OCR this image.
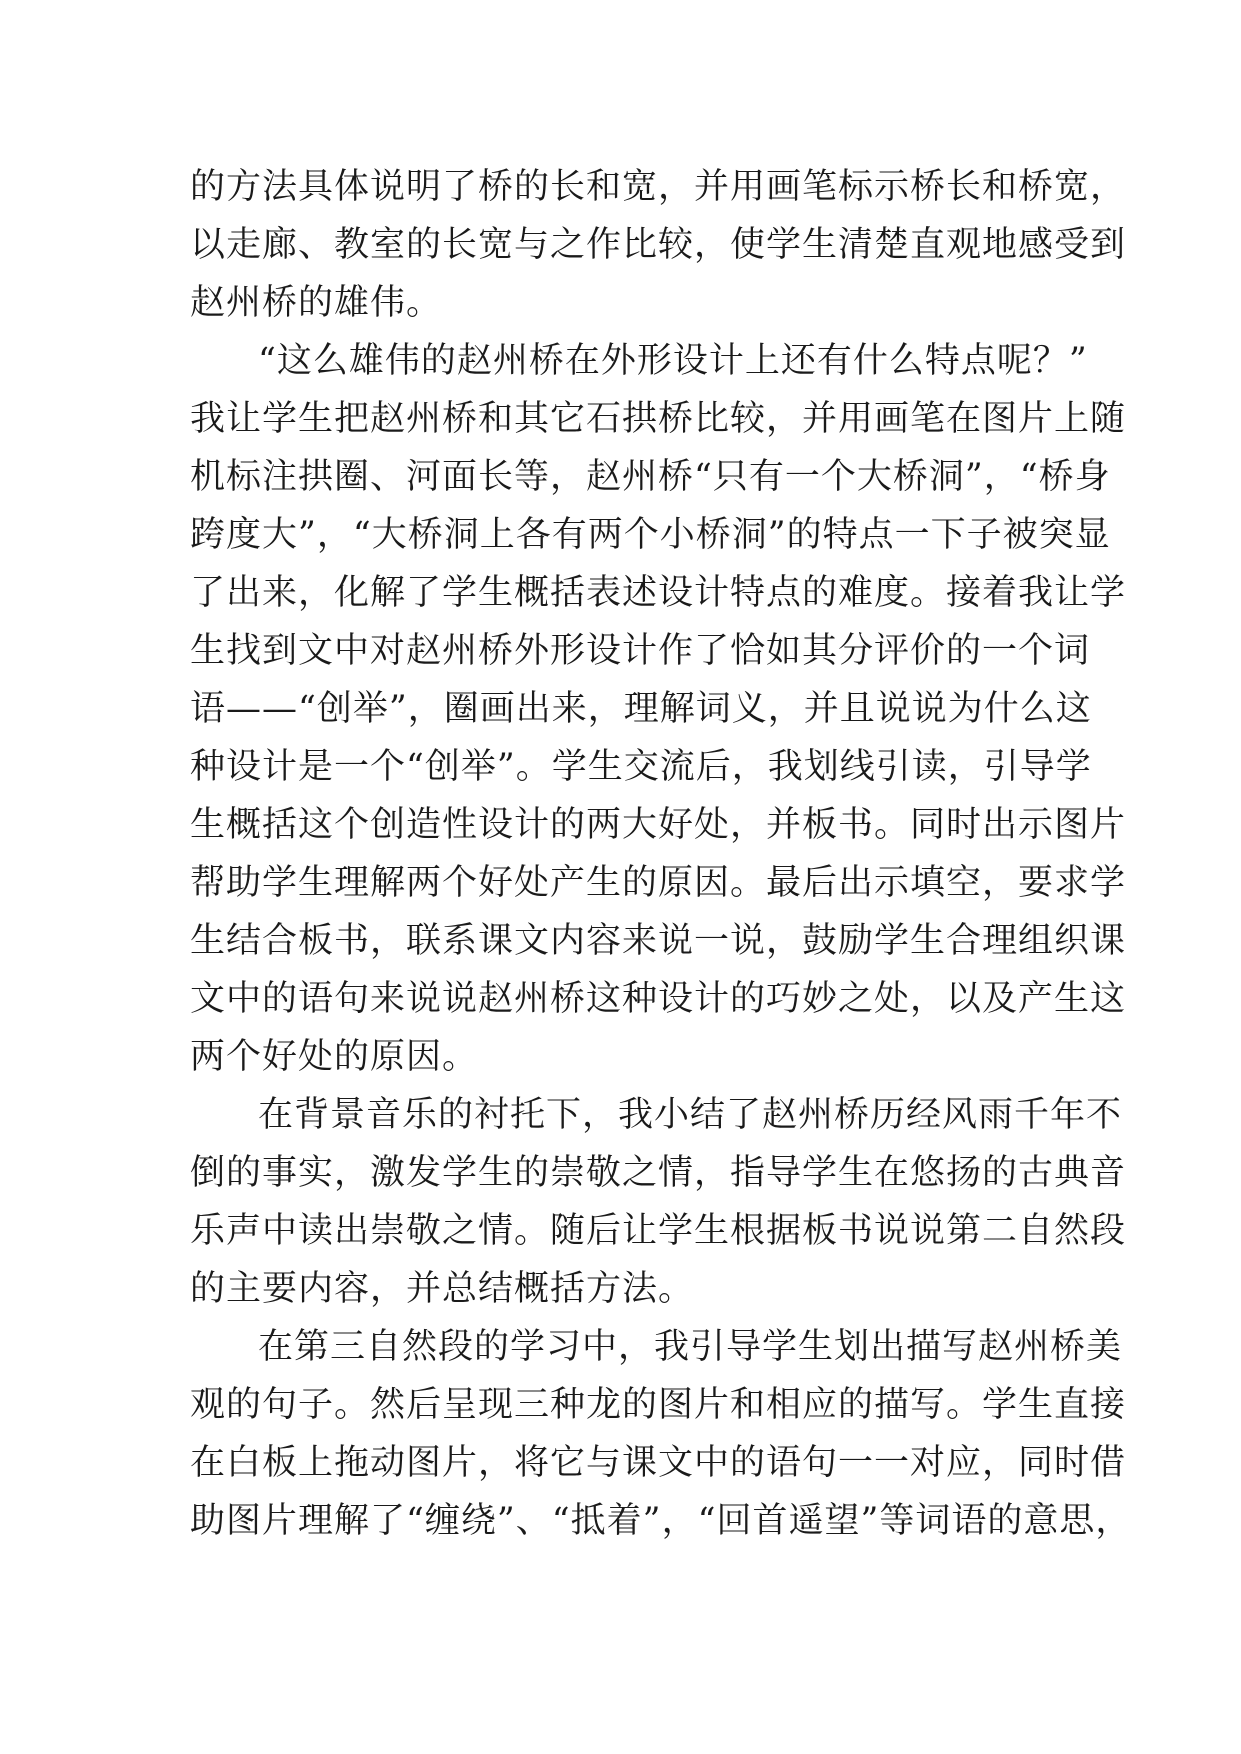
的方法具体说明了桥的长和宽，并用画笔标示桥长和桥宽，
以走廊、教室的长宽与之作比较，使学生清楚直观地感受到
赵州桥的雄伟。
“这么雄伟的赵州桥在外形设计上还有什么特点呢？”
我让学生把赵州桥和其它石拱桥比较，并用画笔在图片上随
机标注拱圈、河面长等，赵州桥“只有一个大桥洞”，“桥身
跨度大”，“大桥洞上各有两个小桥洞”的特点一下子被突显
了出来，化解了学生概括表述设计特点的难度。接着我让学
生找到文中对赵州桥外形设计作了恰如其分评价的一个词
语——“创举”，圈画出来，理解词义，并且说说为什么这
种设计是一个“创举”。学生交流后，我划线引读，引导学
生概括这个创造性设计的两大好处，并板书。同时出示图片
帮助学生理解两个好处产生的原因。最后出示填空，要求学
生结合板书，联系课文内容来说一说，鼓励学生合理组织课
文中的语句来说说赵州桥这种设计的巧妙之处，以及产生这
两个好处的原因。
在背景音乐的衬托下，我小结了赵州桥历经风雨千年不
倒的事实，激发学生的崇敬之情，指导学生在悠扬的古典音
乐声中读出崇敬之情。随后让学生根据板书说说第二自然段
的主要内容，并总结概括方法。
在第三自然段的学习中，我引导学生划出描写赵州桥美
观的句子。然后呈现三种龙的图片和相应的描写。学生直接
在白板上拖动图片，将它与课文中的语句一一对应，同时借
助图片理解了“缠绕”、“抵着”，“回首遥望”等词语的意思，
